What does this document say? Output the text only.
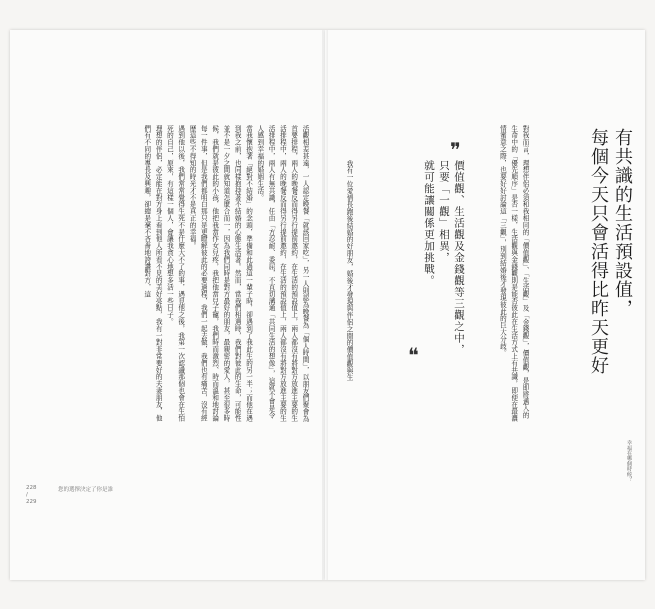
活觀相差甚遠，一人認定晚餐「就該回家吃」，另一人則認為晚餐為「個人時間」，以朋友們聚會為首要排程，兩人的晚餐反而得另行提前邀約，在生活的預設值上，兩人都沒有將對方放進主要的生活排程中，兩人的晚餐反而得另行提前邀約，在生活的預設值上，兩人都沒有將對方放進主要的生活排程中，兩人有無共識，任由「方忍耐、委屈，不直切溝通「共同生活的想像」，這就不會是令人感到幸福的婚姻生活。
當我懷抱著「絕對不結婚」的念頭，準備和此過這一輩子時，卻遇到了我此生的另一半；而他在遇到我之前，也同樣抱持著不結婚的心態生活著。然而，當我們相遇時，我們對彼此的生命，可能性並不是一夕之間就知道怎麼合而一，因為我們同時是對方最好的朋友，最親密的愛人，甚至很多時候，我們就是彼此的小孩，他把我當作女兒疼，我把他當兒子寵，我們時而激烈、時而溫和地討論每一件事，但是我們都明白那只是更瞭解彼此的必要過程，我們一起去做，我們也有痛苦，沒有經歷這些不得知的時光才不是真正的幸福。
遇到他以後，我們常常覺得生死不是什麼大不了的事，遇見他之後，我第一次認識那個也會在生怕死的自己，原來，有這樣一個人，會讓我貪心地想多活一些日子。
理想的伴侶，必定能在對方身上看到他人所看不見的美好亮點，我有一對非常要好的夫妻朋友，他們有不同的專長及興趣，卻總是毫不吝嗇地誇讚對方，這	我有一位愛情長跑後結婚的好朋友，婚後才發現與伴侶之間的價值觀與生
❞
價值觀、生活觀及金錢觀等三觀之中，
只要「一觀」相異，
就可能讓關係更加挑戰。
❝	對我而言，理想伴侶必須和我相同的「價值觀」、「生活觀」及「金錢觀」，價值觀，是即將邁入的生命中的「優先順序」是否一樣，生活觀與金錢觀則是能否彼此在生活方式上有共識，即便在最濃情蜜意之際，也要好好討論這「三觀」，別到結婚後才發現彼此的巨大分歧。	有共識的生活預設值，
每個今天只會活得比昨天更好
幸福在哪個時候？
228
/
229
您的選擇決定了你是誰
